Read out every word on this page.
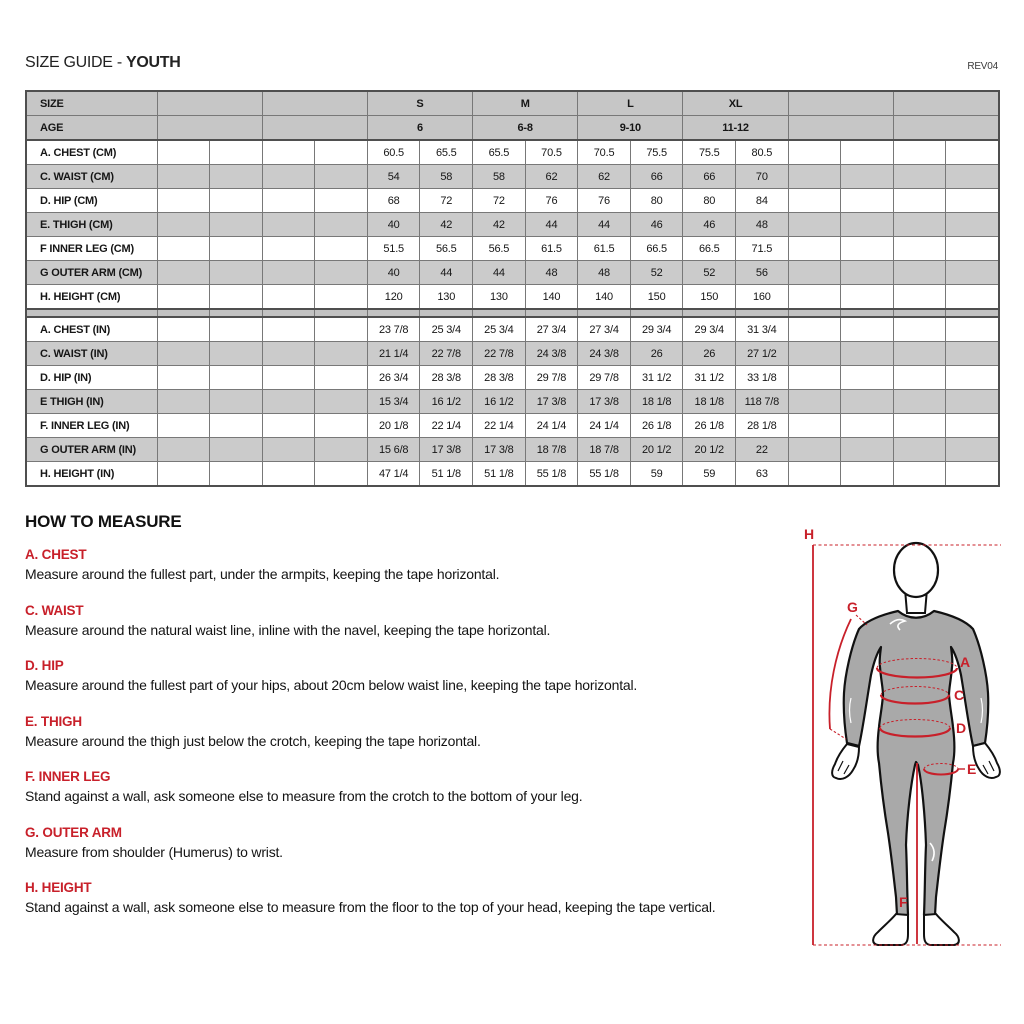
SIZE GUIDE - YOUTH	REV04
SIZE					S		M		L		XL					
AGE					6		6-8		9-10		11-12					
A. CHEST (CM)					60.5	65.5	65.5	70.5	70.5	75.5	75.5	80.5				
C. WAIST (CM)					54	58	58	62	62	66	66	70				
D. HIP (CM)					68	72	72	76	76	80	80	84				
E. THIGH (CM)					40	42	42	44	44	46	46	48				
F INNER LEG (CM)					51.5	56.5	56.5	61.5	61.5	66.5	66.5	71.5				
G OUTER ARM (CM)					40	44	44	48	48	52	52	56				
H. HEIGHT (CM)					120	130	130	140	140	150	150	160				

A. CHEST (IN)					23 7/8	25 3/4	25 3/4	27 3/4	27 3/4	29 3/4	29 3/4	31 3/4				
C. WAIST (IN)					21 1/4	22 7/8	22 7/8	24 3/8	24 3/8	26	26	27 1/2				
D. HIP (IN)					26 3/4	28 3/8	28 3/8	29 7/8	29 7/8	31 1/2	31 1/2	33 1/8				
E THIGH (IN)					15 3/4	16 1/2	16 1/2	17 3/8	17 3/8	18 1/8	18 1/8	118 7/8				
F. INNER LEG (IN)					20 1/8	22 1/4	22 1/4	24 1/4	24 1/4	26 1/8	26 1/8	28 1/8				
G OUTER ARM (IN)					15 6/8	17 3/8	17 3/8	18 7/8	18 7/8	20 1/2	20 1/2	22				
H. HEIGHT (IN)					47 1/4	51 1/8	51 1/8	55 1/8	55 1/8	59	59	63				
HOW TO MEASURE
A. CHEST

Measure around the fullest part, under the armpits, keeping the tape horizontal.

C. WAIST

Measure around the natural waist line, inline with the navel, keeping the tape horizontal.

D. HIP

Measure around the fullest part of your hips, about 20cm below waist line, keeping the tape horizontal.

E. THIGH

Measure around the thigh just below the crotch, keeping the tape horizontal.

F. INNER LEG

Stand against a wall, ask someone else to measure from the crotch to the bottom of your leg.

G. OUTER ARM

Measure from shoulder (Humerus) to wrist.

H. HEIGHT

Stand against a wall, ask someone else to measure from the floor to the top of your head, keeping the tape vertical.

H
G
A
C
D
E
F
